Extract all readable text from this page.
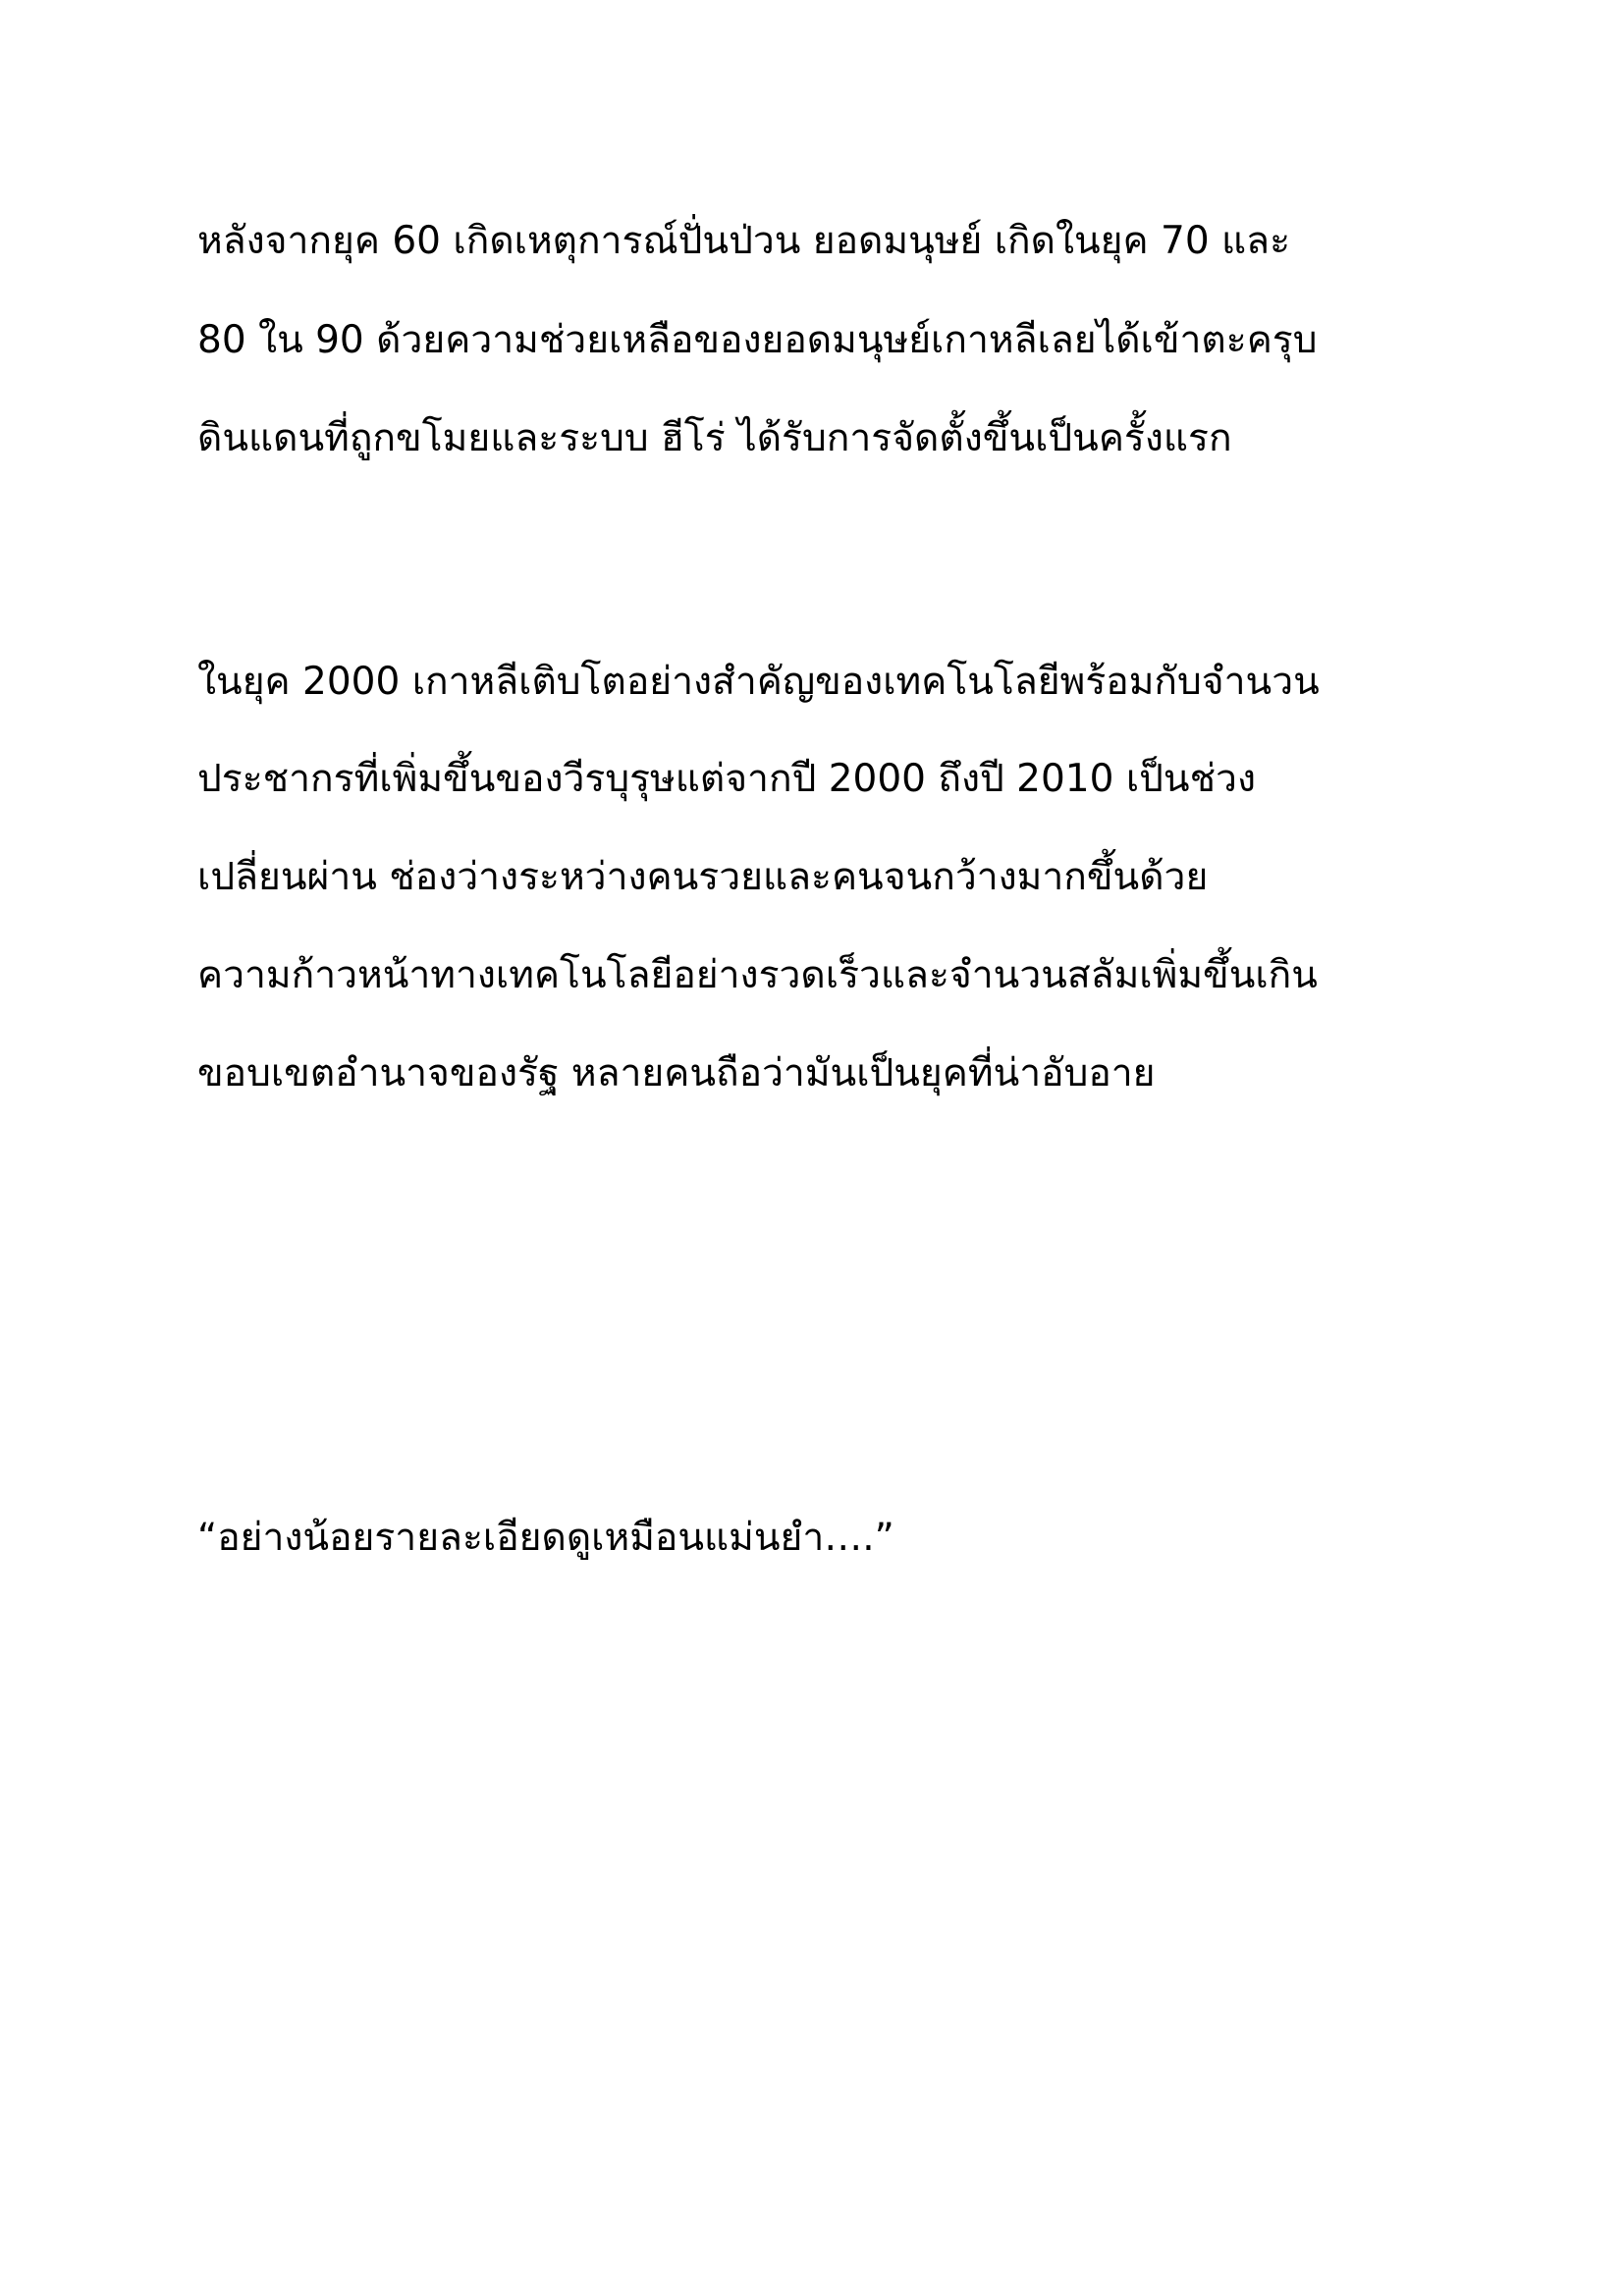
หลังจากยุค 60 เกิดเหตุการณ์ปั่นป่วน ยอดมนุษย์ เกิดในยุค 70 และ

80 ใน 90 ด้วยความช่วยเหลือของยอดมนุษย์เกาหลีเลยได้เข้าตะครุบ

ดินแดนที่ถูกขโมยและระบบ ฮีโร่ ได้รับการจัดตั้งขึ้นเป็นครั้งแรก

ในยุค 2000 เกาหลีเติบโตอย่างสำคัญของเทคโนโลยีพร้อมกับจำนวน

ประชากรที่เพิ่มขึ้นของวีรบุรุษแต่จากปี 2000 ถึงปี 2010 เป็นช่วง

เปลี่ยนผ่าน ช่องว่างระหว่างคนรวยและคนจนกว้างมากขึ้นด้วย

ความก้าวหน้าทางเทคโนโลยีอย่างรวดเร็วและจำนวนสลัมเพิ่มขึ้นเกิน

ขอบเขตอำนาจของรัฐ หลายคนถือว่ามันเป็นยุคที่น่าอับอาย

“อย่างน้อยรายละเอียดดูเหมือนแม่นยำ….”
